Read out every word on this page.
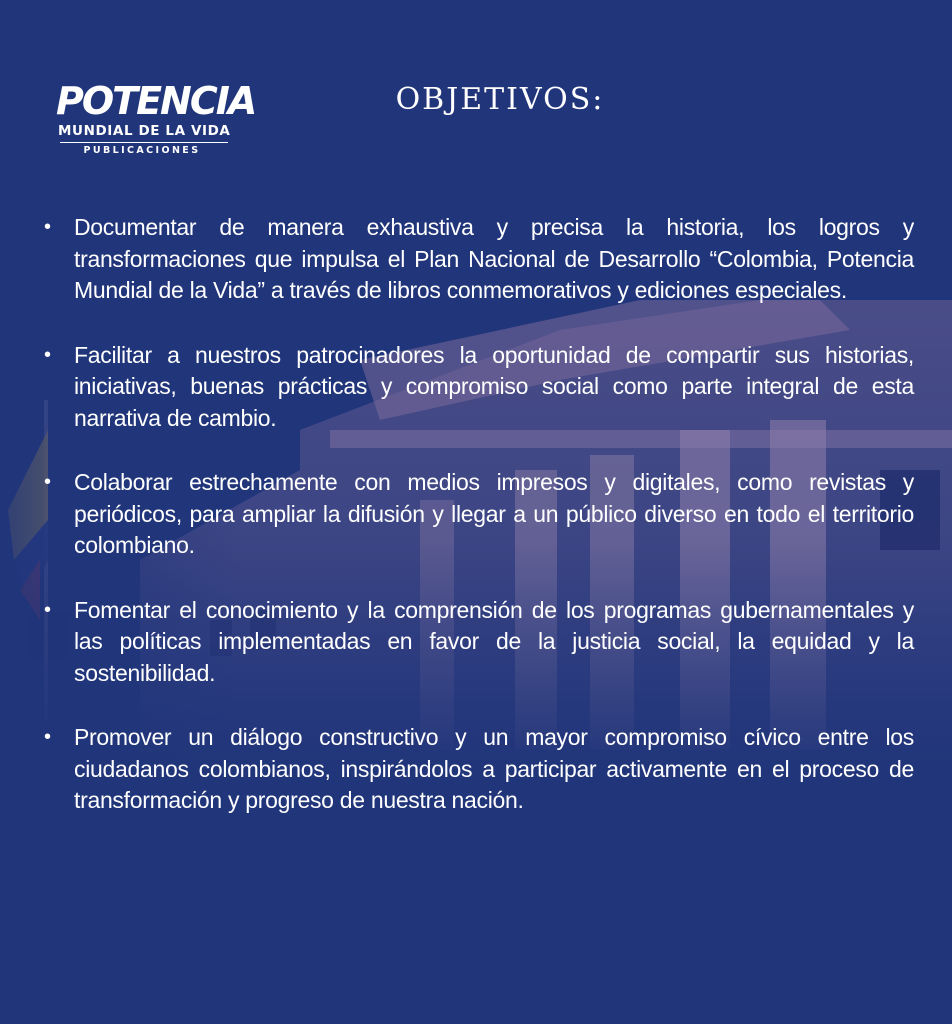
POTENCIA
MUNDIAL DE LA VIDA
PUBLICACIONES
OBJETIVOS:
• Documentar de manera exhaustiva y precisa la historia, los logros y transformaciones que impulsa el Plan Nacional de Desarrollo “Colombia, Potencia Mundial de la Vida” a través de libros conmemorativos y ediciones especiales.
• Facilitar a nuestros patrocinadores la oportunidad de compartir sus historias, iniciativas, buenas prácticas y compromiso social como parte integral de esta narrativa de cambio.
• Colaborar estrechamente con medios impresos y digitales, como revistas y periódicos, para ampliar la difusión y llegar a un público diverso en todo el territorio colombiano.
• Fomentar el conocimiento y la comprensión de los programas gubernamentales y las políticas implementadas en favor de la justicia social, la equidad y la sostenibilidad.
• Promover un diálogo constructivo y un mayor compromiso cívico entre los ciudadanos colombianos, inspirándolos a participar activamente en el proceso de transformación y progreso de nuestra nación.
